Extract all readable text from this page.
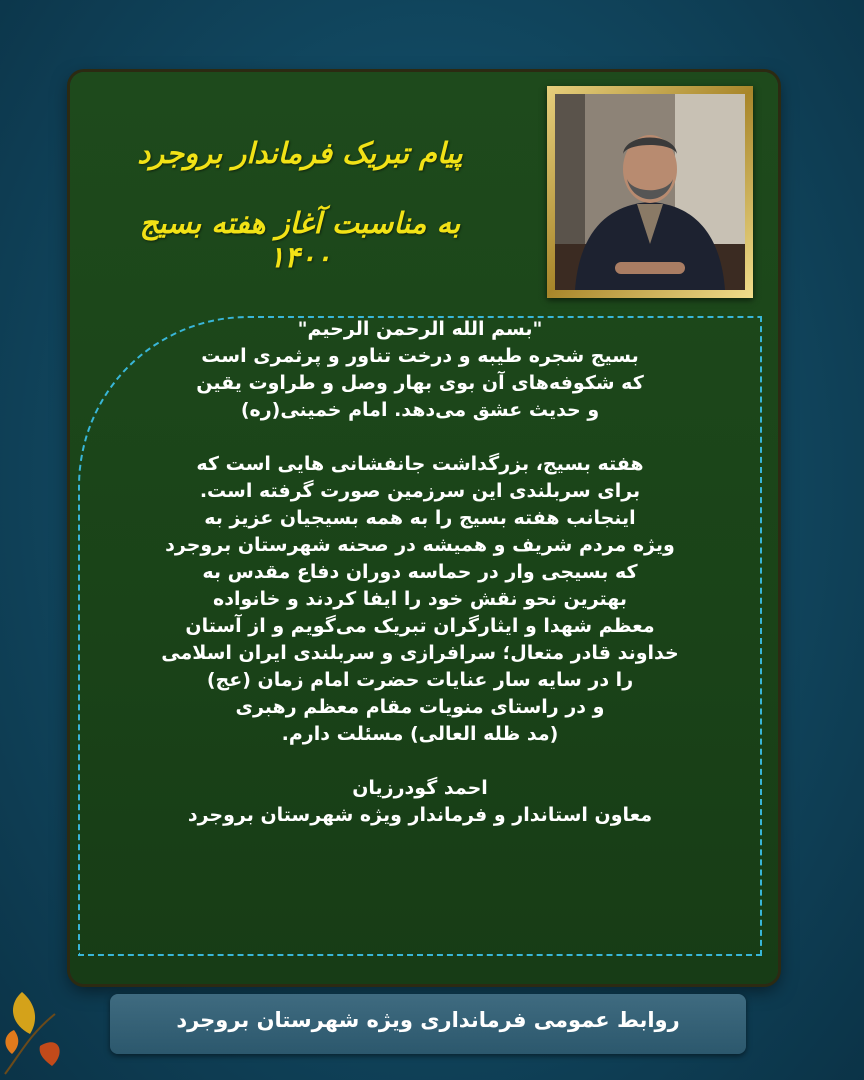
پیام تبریک فرماندار بروجرد
به مناسبت آغاز هفته بسیج ۱۴۰۰
"بسم الله الرحمن الرحیم"
بسیج شجره طیبه و درخت تناور و پرثمری است
که شکوفه‌های آن بوی بهار وصل و طراوت یقین
و حدیث عشق می‌دهد. امام خمینی(ره)
هفته بسیج، بزرگداشت جانفشانی هایی است که
برای سربلندی این سرزمین صورت گرفته است.
اینجانب هفته بسیج را به همه بسیجیان عزیز به
ویژه مردم شریف و همیشه در صحنه شهرستان بروجرد
که بسیجی وار در حماسه دوران دفاع مقدس به
بهترین نحو نقش خود را ایفا کردند و خانواده
معظم شهدا و ایثارگران تبریک می‌گویم و از آستان
خداوند قادر متعال؛ سرافرازی و سربلندی ایران اسلامی
را در سایه سار عنایات حضرت امام زمان (عج)
و در راستای منویات مقام معظم رهبری
(مد ظله العالی) مسئلت دارم.
احمد گودرزیان
معاون استاندار و فرماندار ویژه شهرستان بروجرد
روابط عمومی فرمانداری ویژه شهرستان بروجرد
